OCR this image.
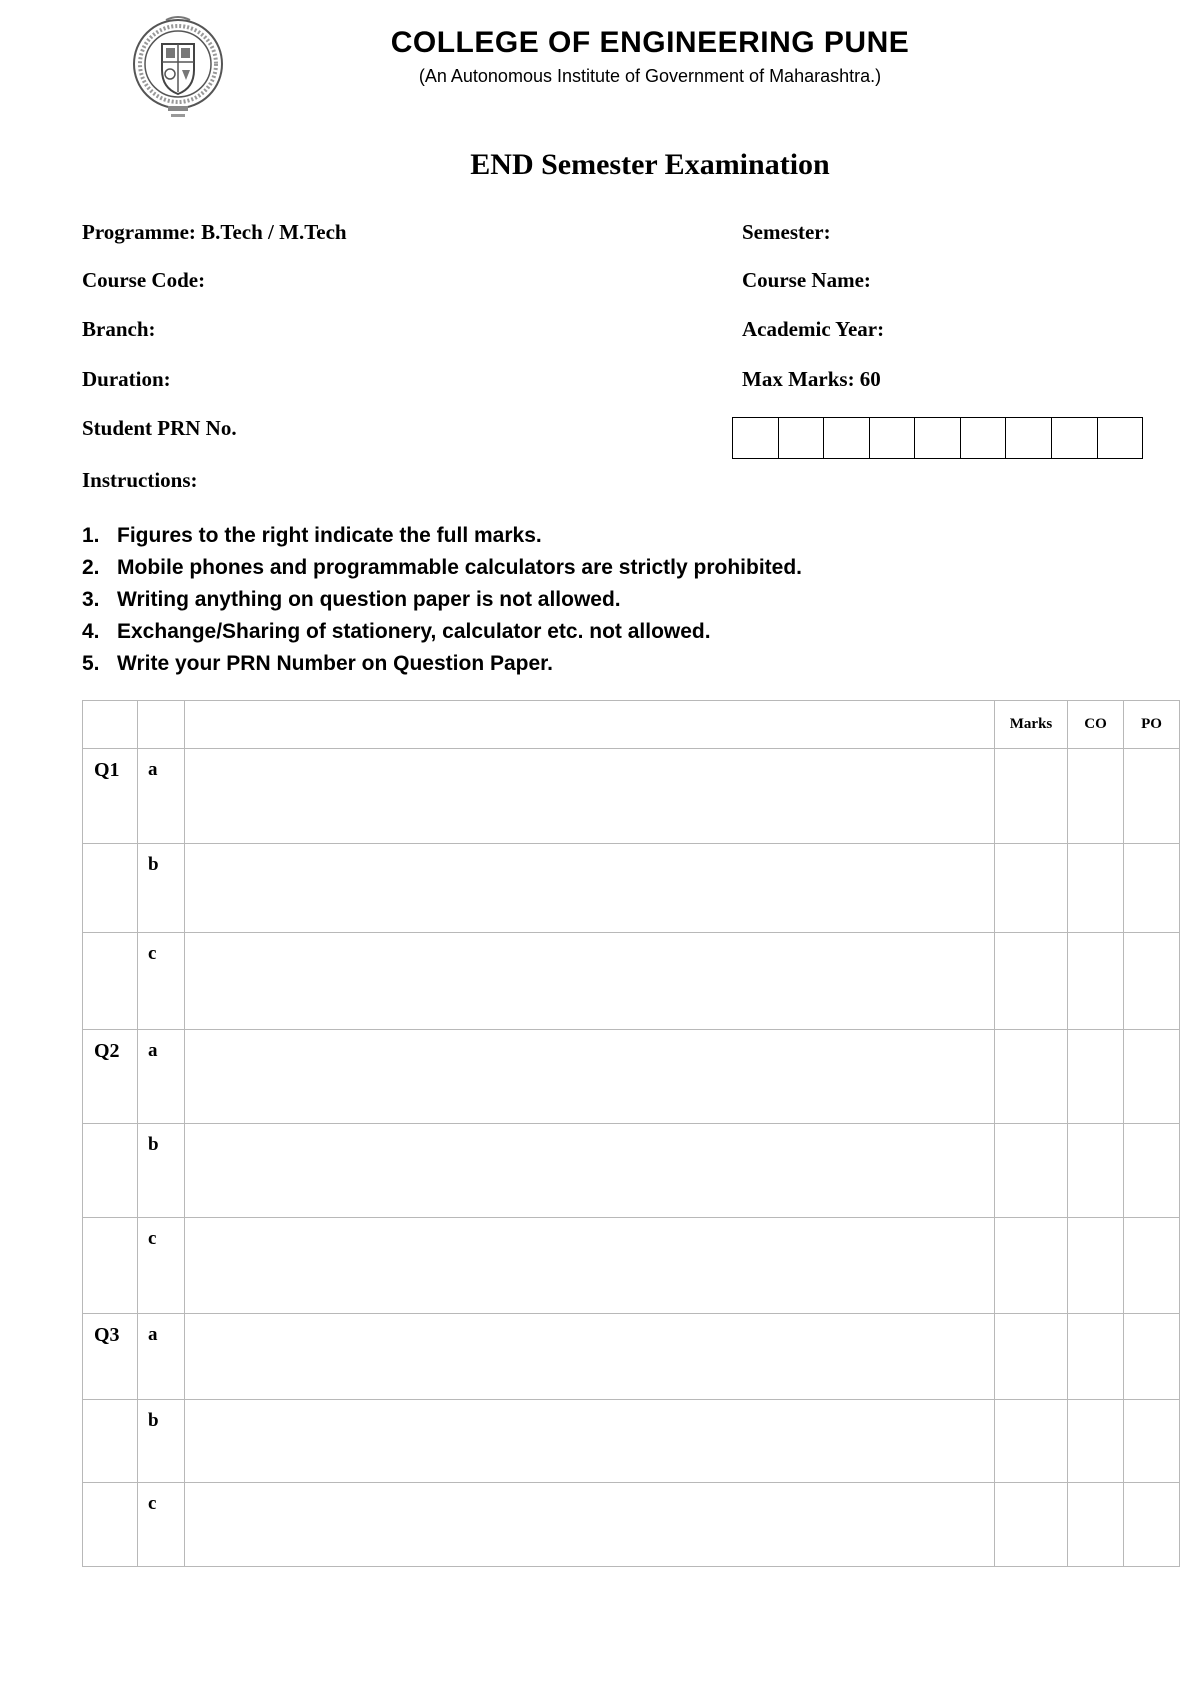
COLLEGE OF ENGINEERING PUNE
(An Autonomous Institute of Government of Maharashtra.)
END Semester Examination
Programme: B.Tech / M.Tech	Semester:
Course Code:	Course Name:
Branch:	Academic Year:
Duration:	Max Marks: 60
Student PRN No.
Instructions:
1. Figures to the right indicate the full marks.
2. Mobile phones and programmable calculators are strictly prohibited.
3. Writing anything on question paper is not allowed.
4. Exchange/Sharing of stationery, calculator etc. not allowed.
5. Write your PRN Number on Question Paper.
			Marks	CO	PO
Q1	a				
	b				
	c				
Q2	a				
	b				
	c				
Q3	a				
	b				
	c				
